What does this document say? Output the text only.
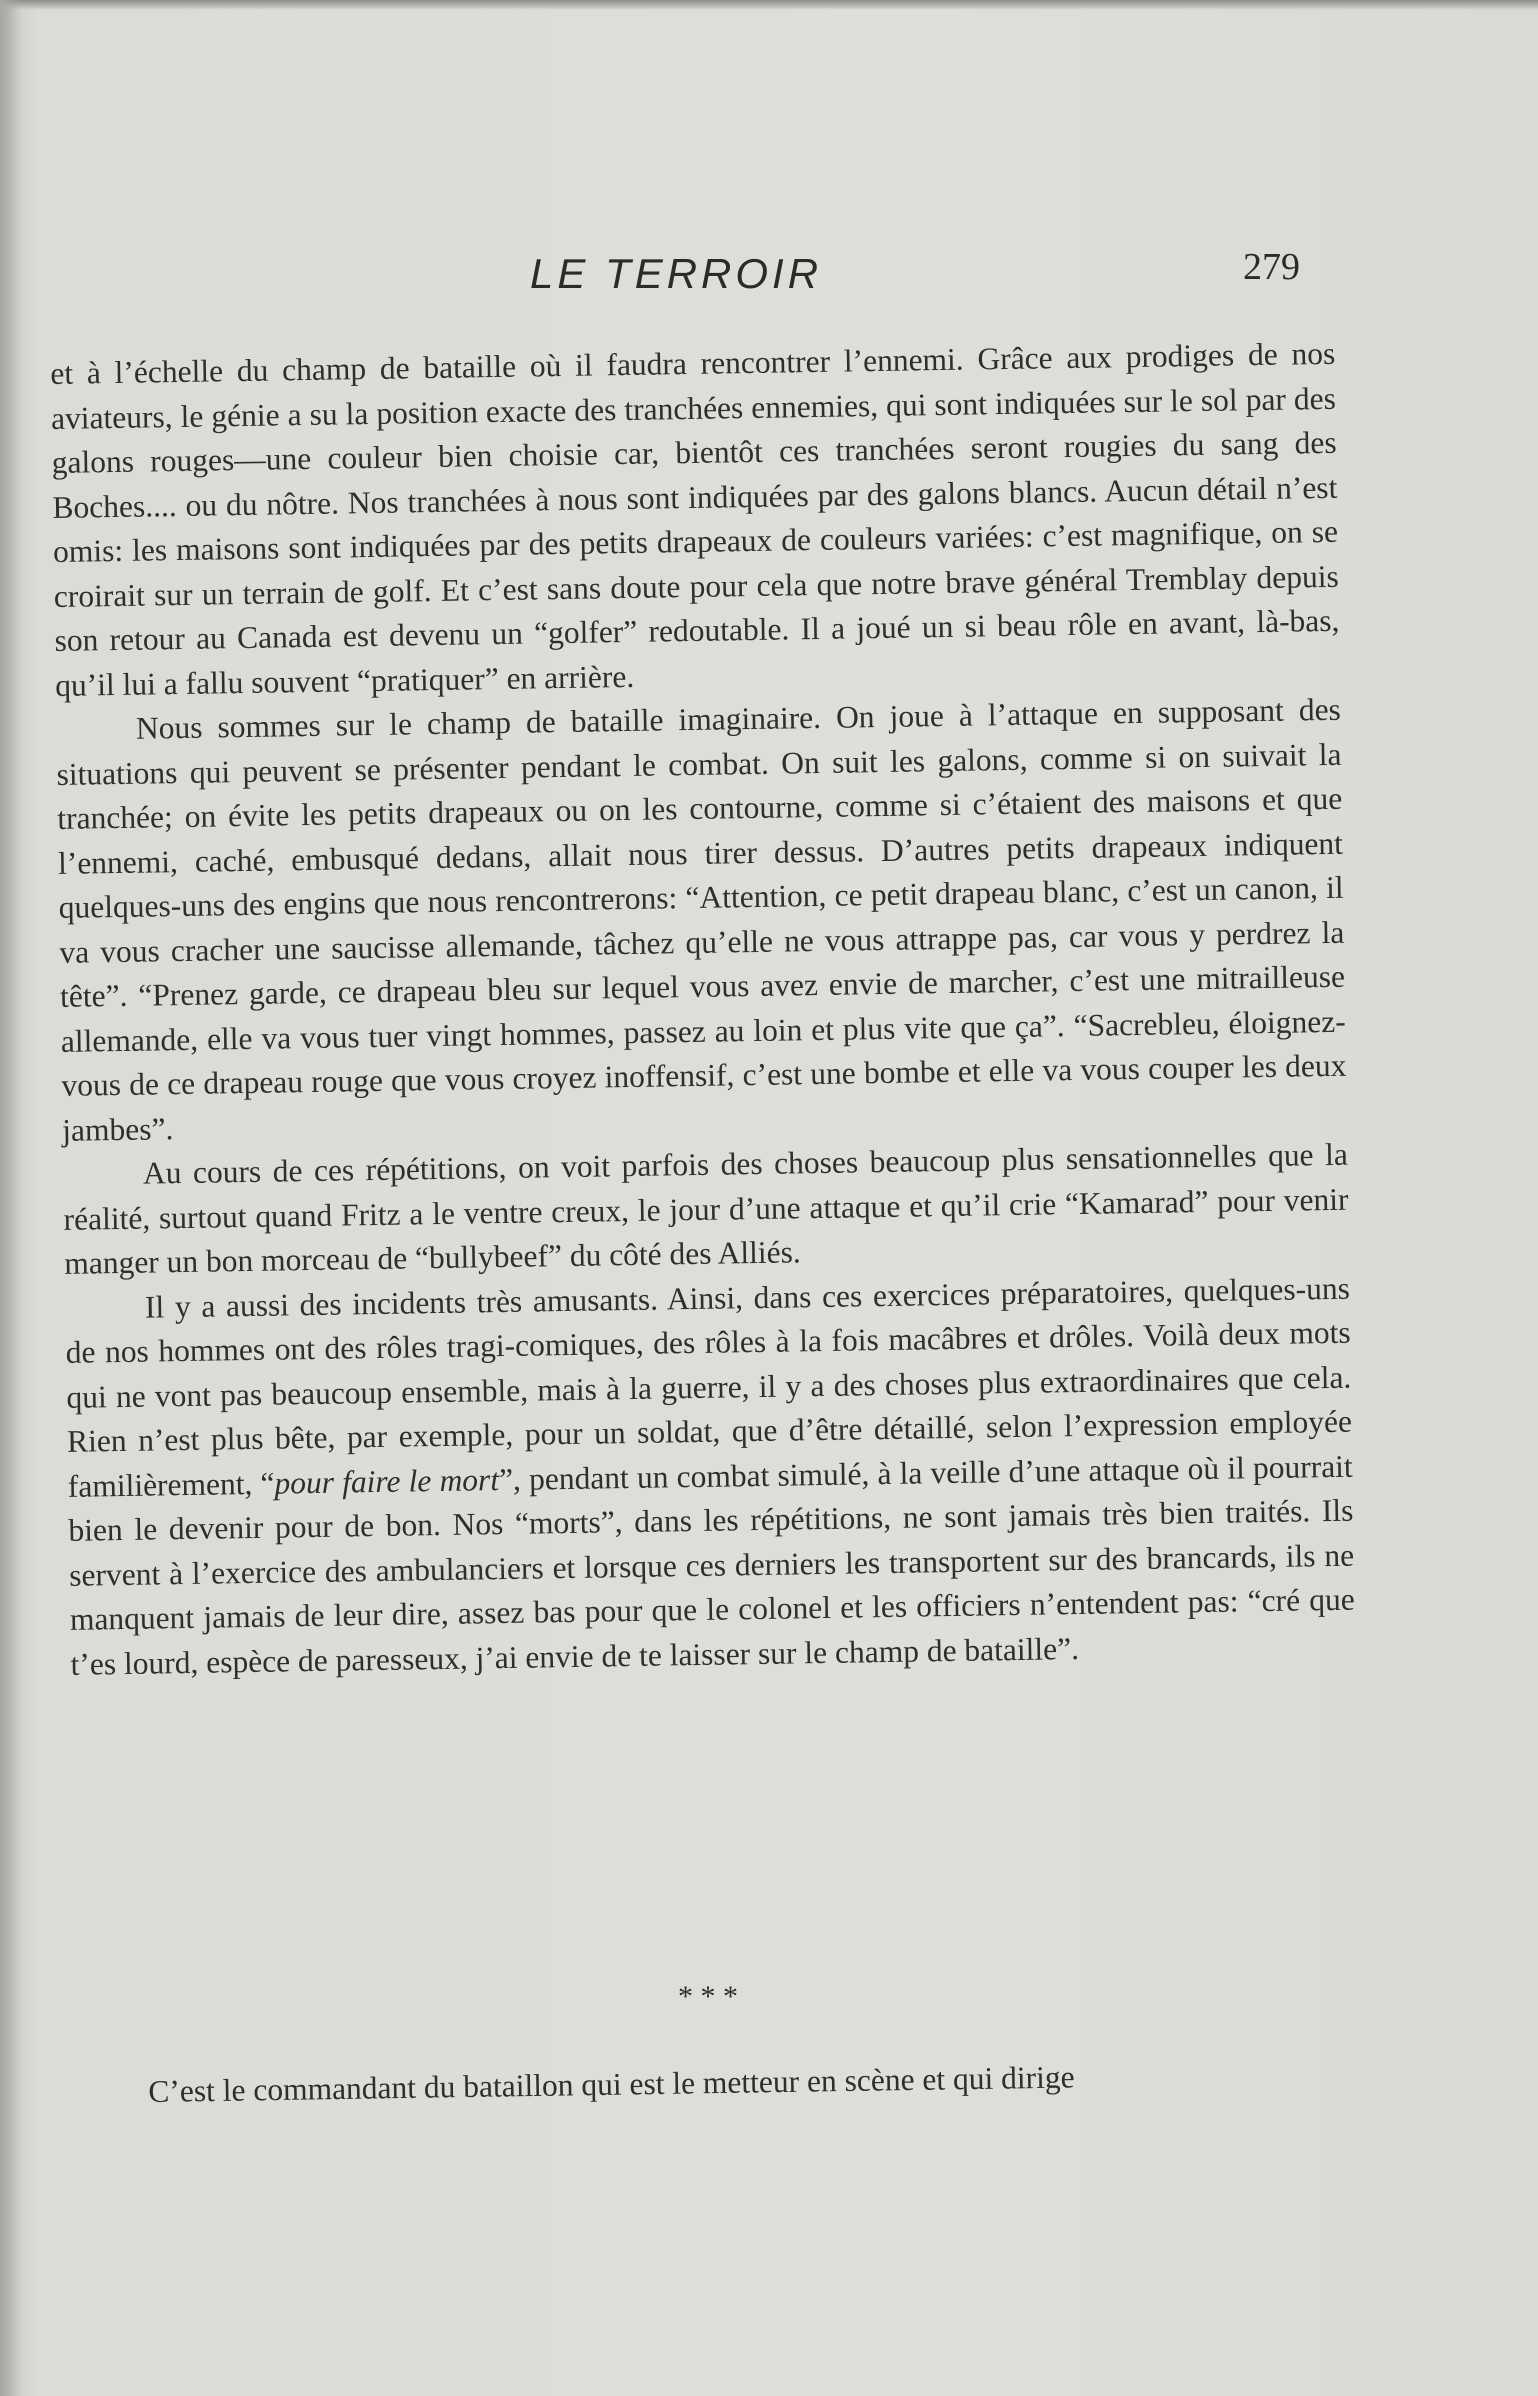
LE TERROIR	279

et à l’échelle du champ de bataille où il faudra rencontrer l’ennemi. Grâce aux prodiges de nos aviateurs, le génie a su la position exacte des tranchées ennemies, qui sont indiquées sur le sol par des galons rouges—une couleur bien choisie car, bientôt ces tranchées seront rougies du sang des Boches.... ou du nôtre. Nos tranchées à nous sont indiquées par des galons blancs. Aucun détail n’est omis: les maisons sont indiquées par des petits drapeaux de couleurs variées: c’est magnifique, on se croirait sur un terrain de golf. Et c’est sans doute pour cela que notre brave général Tremblay depuis son retour au Canada est devenu un “golfer” redoutable. Il a joué un si beau rôle en avant, là-bas, qu’il lui a fallu souvent “pratiquer” en arrière.

Nous sommes sur le champ de bataille imaginaire. On joue à l’attaque en supposant des situations qui peuvent se présenter pendant le combat. On suit les galons, comme si on suivait la tranchée; on évite les petits drapeaux ou on les contourne, comme si c’étaient des maisons et que l’ennemi, caché, embusqué dedans, allait nous tirer dessus. D’autres petits drapeaux indiquent quelques-uns des engins que nous rencontrerons: “Attention, ce petit drapeau blanc, c’est un canon, il va vous cracher une saucisse allemande, tâchez qu’elle ne vous attrappe pas, car vous y perdrez la tête”. “Prenez garde, ce drapeau bleu sur lequel vous avez envie de marcher, c’est une mitrailleuse allemande, elle va vous tuer vingt hommes, passez au loin et plus vite que ça”. “Sacrebleu, éloignez-vous de ce drapeau rouge que vous croyez inoffensif, c’est une bombe et elle va vous couper les deux jambes”.

Au cours de ces répétitions, on voit parfois des choses beaucoup plus sensationnelles que la réalité, surtout quand Fritz a le ventre creux, le jour d’une attaque et qu’il crie “Kamarad” pour venir manger un bon morceau de “bullybeef” du côté des Alliés.

Il y a aussi des incidents très amusants. Ainsi, dans ces exercices préparatoires, quelques-uns de nos hommes ont des rôles tragi-comiques, des rôles à la fois macâbres et drôles. Voilà deux mots qui ne vont pas beaucoup ensemble, mais à la guerre, il y a des choses plus extraordinaires que cela. Rien n’est plus bête, par exemple, pour un soldat, que d’être détaillé, selon l’expression employée familièrement, “pour faire le mort”, pendant un combat simulé, à la veille d’une attaque où il pourrait bien le devenir pour de bon. Nos “morts”, dans les répétitions, ne sont jamais très bien traités. Ils servent à l’exercice des ambulanciers et lorsque ces derniers les transportent sur des brancards, ils ne manquent jamais de leur dire, assez bas pour que le colonel et les officiers n’entendent pas: “cré que t’es lourd, espèce de paresseux, j’ai envie de te laisser sur le champ de bataille”.

* * *
C’est le commandant du bataillon qui est le metteur en scène et qui dirige
